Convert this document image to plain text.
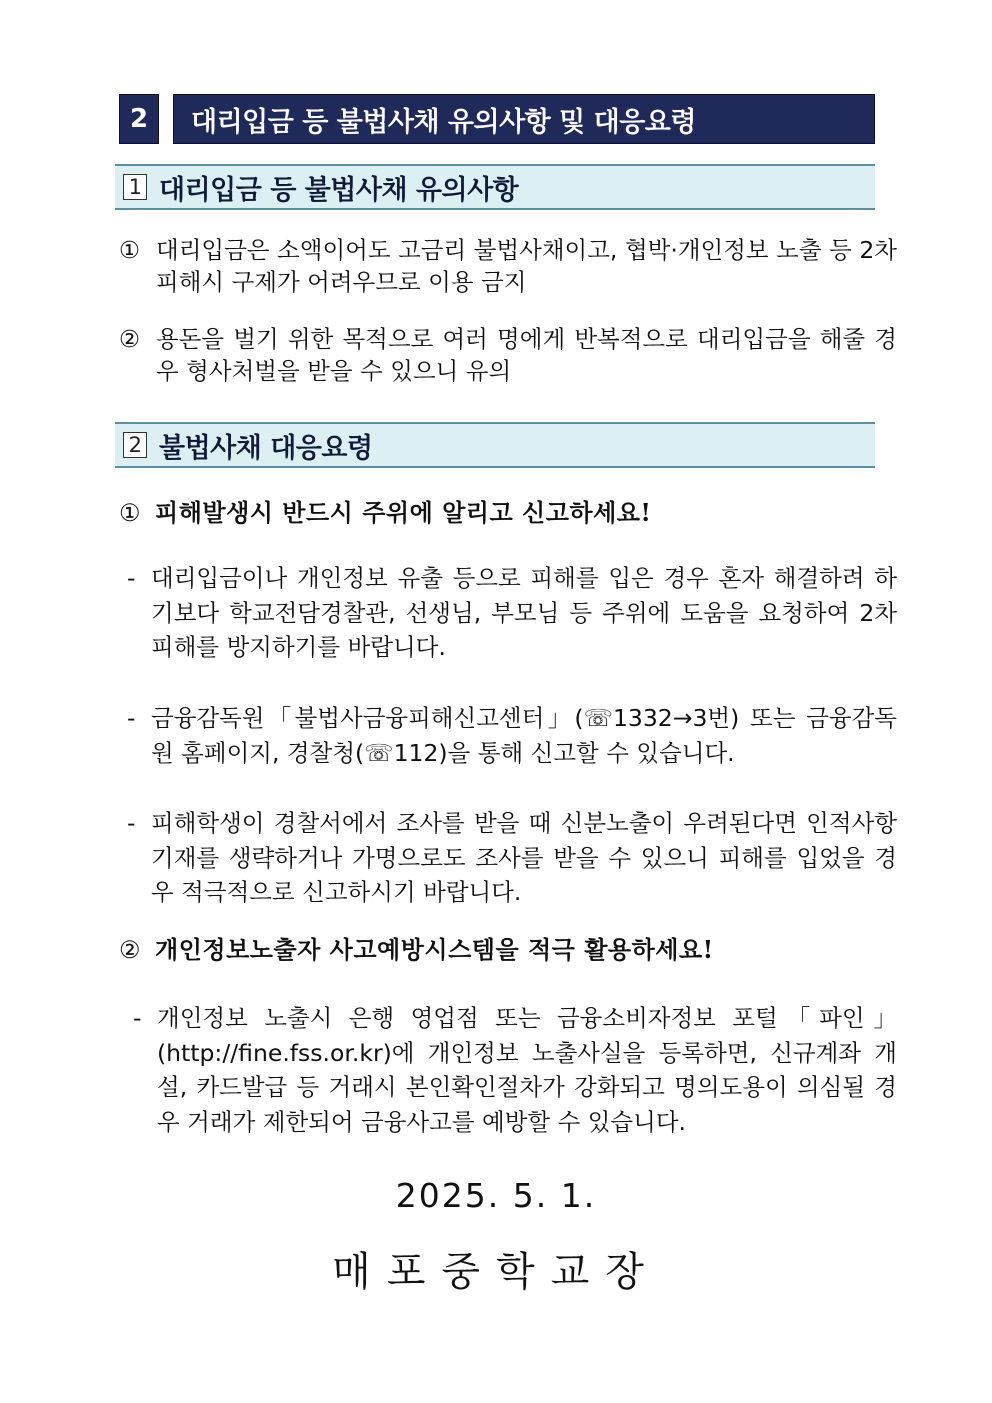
2	대리입금 등 불법사채 유의사항 및 대응요령
1 대리입금 등 불법사채 유의사항
① 대리입금은 소액이어도 고금리 불법사채이고, 협박·개인정보 노출 등 2차 피해시 구제가 어려우므로 이용 금지
② 용돈을 벌기 위한 목적으로 여러 명에게 반복적으로 대리입금을 해줄 경우 형사처벌을 받을 수 있으니 유의
2 불법사채 대응요령
① 피해발생시 반드시 주위에 알리고 신고하세요!
- 대리입금이나 개인정보 유출 등으로 피해를 입은 경우 혼자 해결하려 하기보다 학교전담경찰관, 선생님, 부모님 등 주위에 도움을 요청하여 2차 피해를 방지하기를 바랍니다.
- 금융감독원「불법사금융피해신고센터」(☏1332→3번) 또는 금융감독원 홈페이지, 경찰청(☏112)을 통해 신고할 수 있습니다.
- 피해학생이 경찰서에서 조사를 받을 때 신분노출이 우려된다면 인적사항 기재를 생략하거나 가명으로도 조사를 받을 수 있으니 피해를 입었을 경우 적극적으로 신고하시기 바랍니다.
② 개인정보노출자 사고예방시스템을 적극 활용하세요!
- 개인정보 노출시 은행 영업점 또는 금융소비자정보 포털「파인」(http://fine.fss.or.kr)에 개인정보 노출사실을 등록하면, 신규계좌 개설, 카드발급 등 거래시 본인확인절차가 강화되고 명의도용이 의심될 경우 거래가 제한되어 금융사고를 예방할 수 있습니다.
2025. 5. 1.
매포중학교장
